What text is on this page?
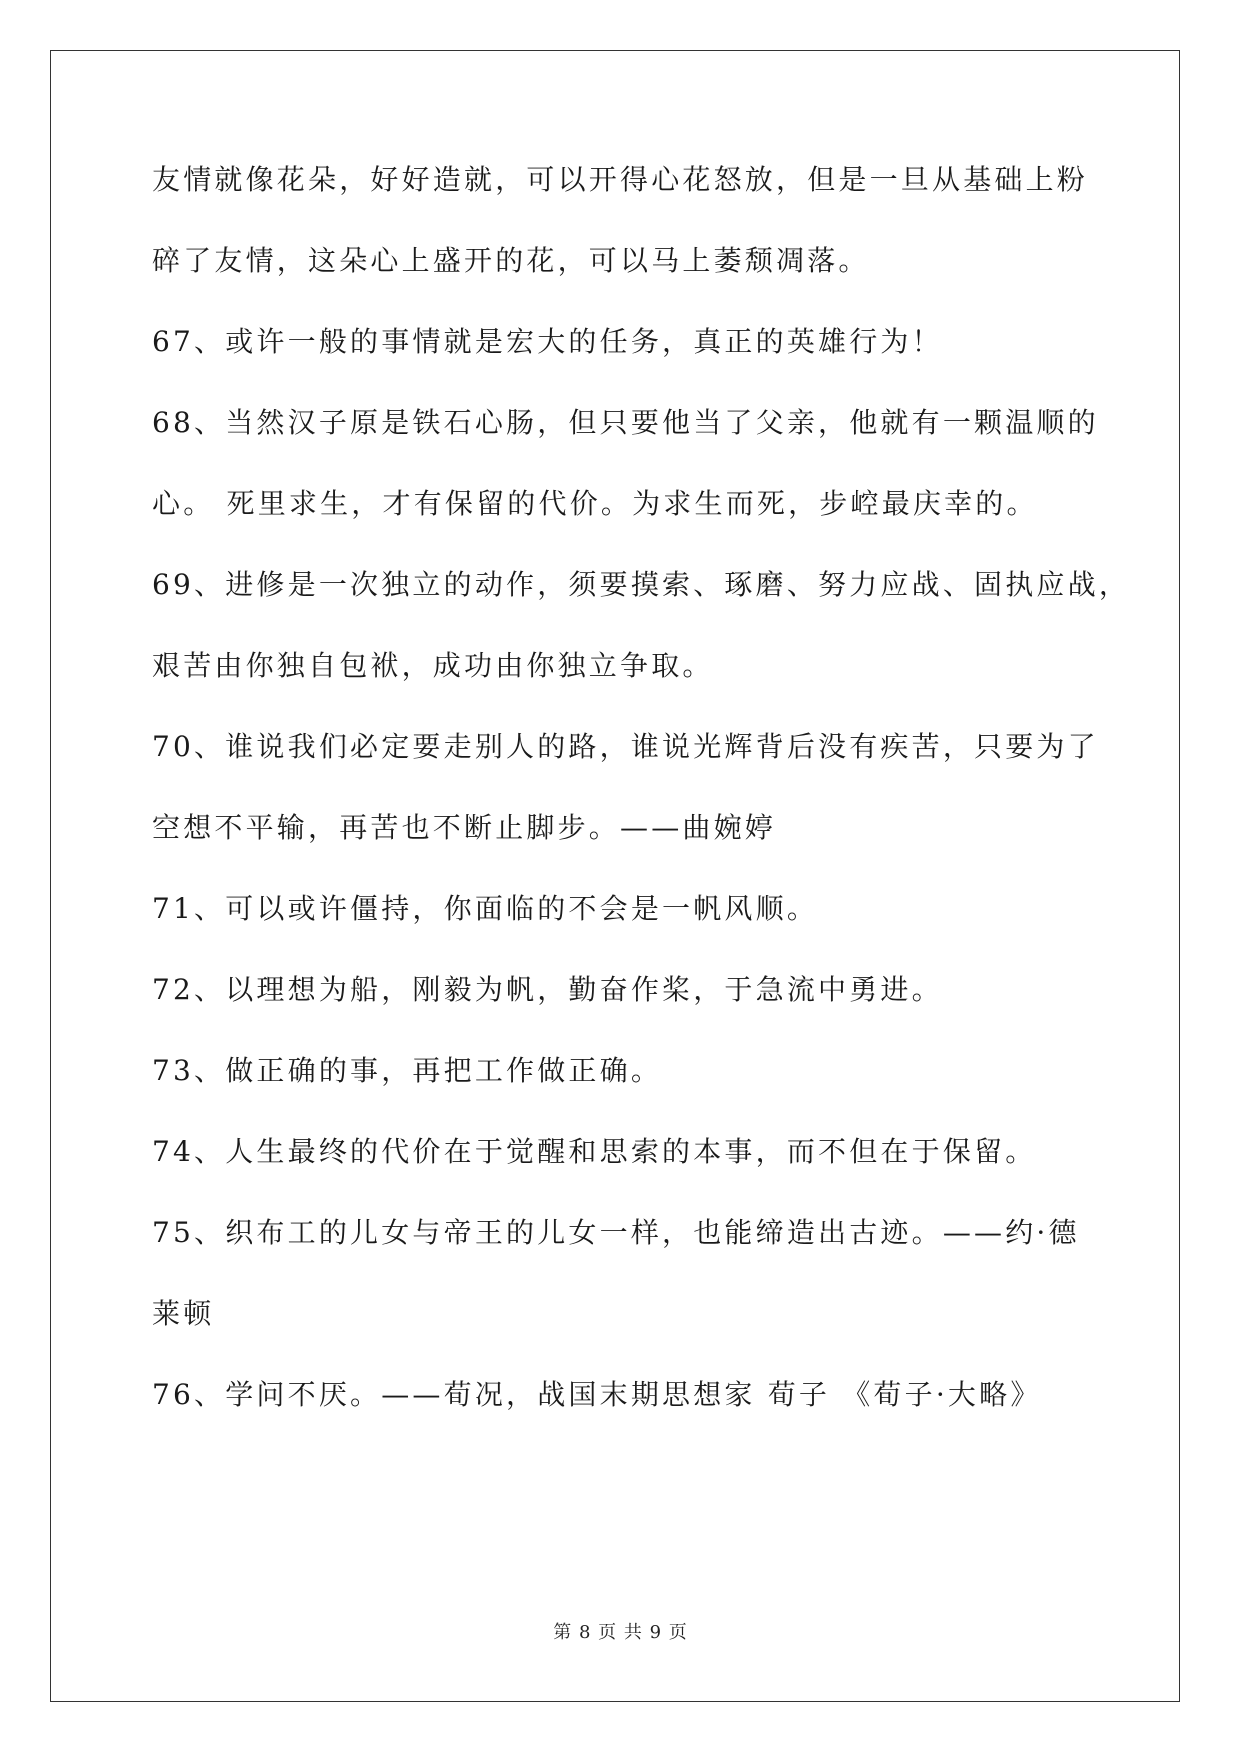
友情就像花朵，好好造就，可以开得心花怒放，但是一旦从基础上粉
碎了友情，这朵心上盛开的花，可以马上萎颓凋落。
67、或许一般的事情就是宏大的任务，真正的英雄行为！
68、当然汉子原是铁石心肠，但只要他当了父亲，他就有一颗温顺的
心。 死里求生，才有保留的代价。为求生而死，步崆最庆幸的。
69、进修是一次独立的动作，须要摸索、琢磨、努力应战、固执应战，
艰苦由你独自包袱，成功由你独立争取。
70、谁说我们必定要走别人的路，谁说光辉背后没有疾苦，只要为了
空想不平输，再苦也不断止脚步。——曲婉婷
71、可以或许僵持，你面临的不会是一帆风顺。
72、以理想为船，刚毅为帆，勤奋作桨，于急流中勇进。
73、做正确的事，再把工作做正确。
74、人生最终的代价在于觉醒和思索的本事，而不但在于保留。
75、织布工的儿女与帝王的儿女一样，也能缔造出古迹。——约·德
莱顿
76、学问不厌。——荀况，战国末期思想家 荀子 《荀子·大略》
第 8 页 共 9 页
